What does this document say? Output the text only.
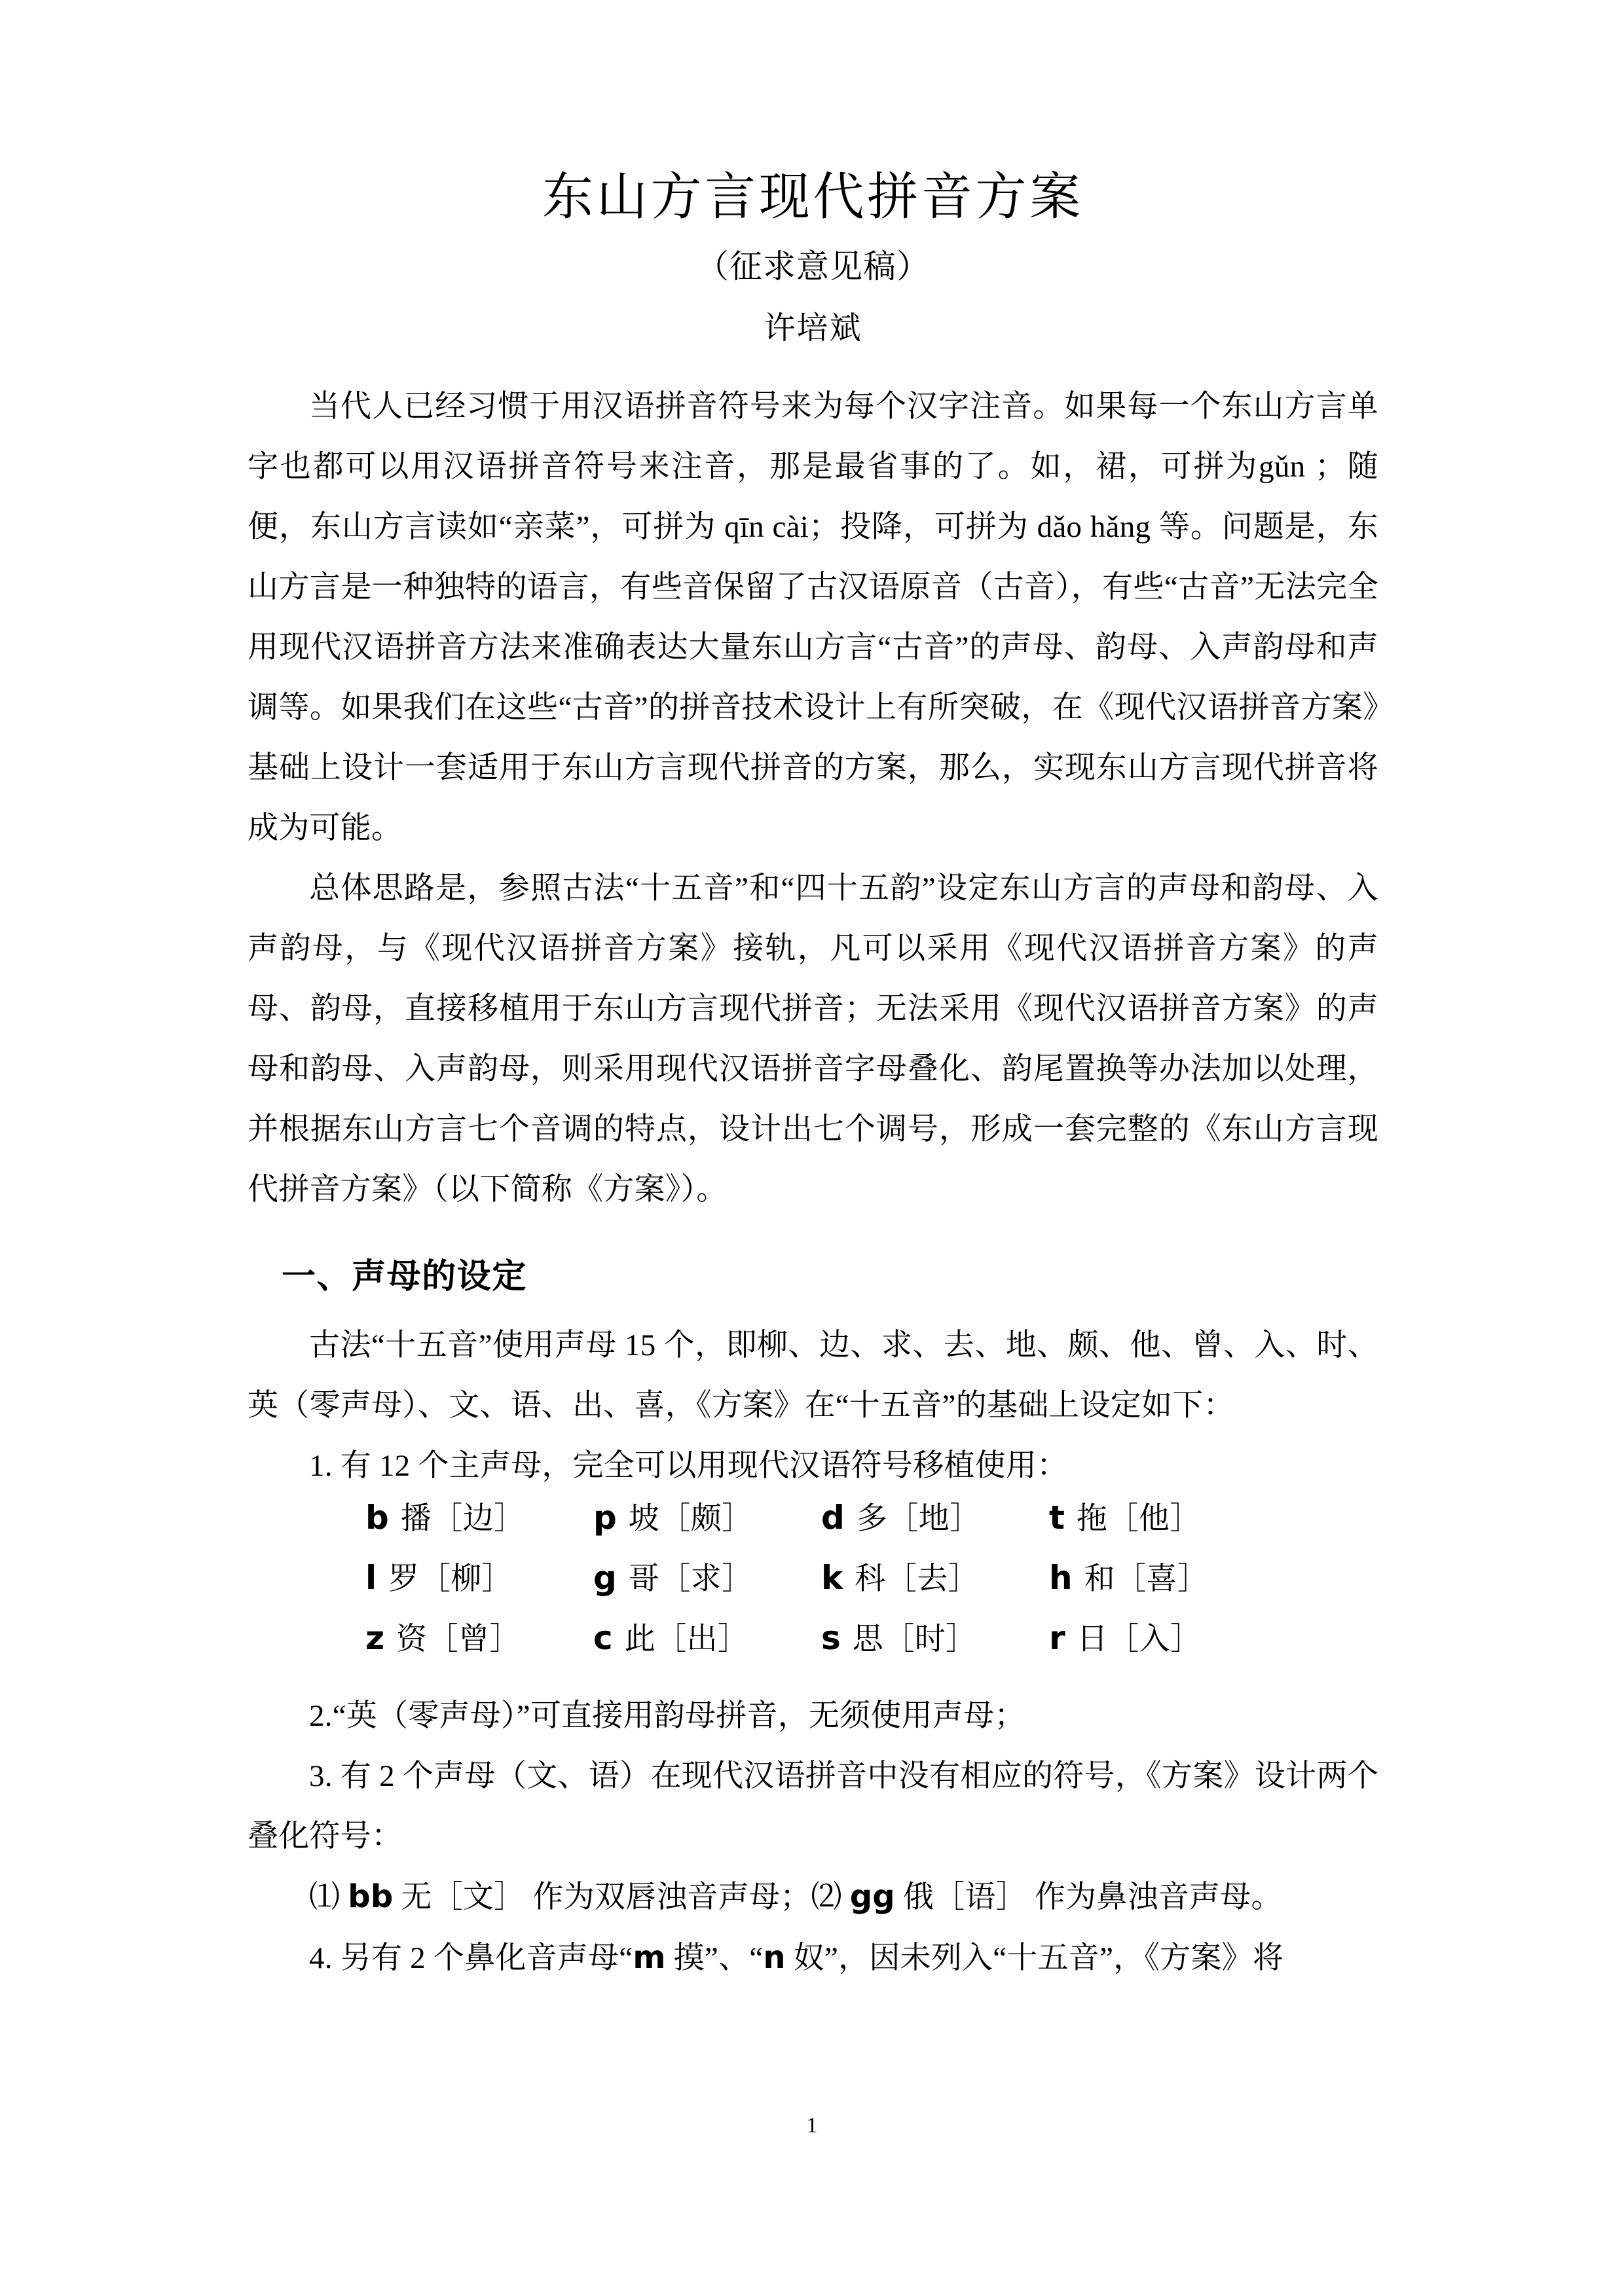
东山方言现代拼音方案
（征求意见稿）
许培斌

当代人已经习惯于用汉语拼音符号来为每个汉字注音。如果每一个东山方言单字也都可以用汉语拼音符号来注音，那是最省事的了。如，裙，可拼为gǔn ；随便，东山方言读如“亲菜”，可拼为 qīn cài；投降，可拼为 dǎo hǎng 等。问题是，东山方言是一种独特的语言，有些音保留了古汉语原音（古音），有些“古音”无法完全用现代汉语拼音方法来准确表达大量东山方言“古音”的声母、韵母、入声韵母和声调等。如果我们在这些“古音”的拼音技术设计上有所突破，在《现代汉语拼音方案》基础上设计一套适用于东山方言现代拼音的方案，那么，实现东山方言现代拼音将成为可能。

总体思路是，参照古法“十五音”和“四十五韵”设定东山方言的声母和韵母、入声韵母，与《现代汉语拼音方案》接轨，凡可以采用《现代汉语拼音方案》的声母、韵母，直接移植用于东山方言现代拼音；无法采用《现代汉语拼音方案》的声母和韵母、入声韵母，则采用现代汉语拼音字母叠化、韵尾置换等办法加以处理，并根据东山方言七个音调的特点，设计出七个调号，形成一套完整的《东山方言现代拼音方案》（以下简称《方案》）。

一、声母的设定

古法“十五音”使用声母 15 个，即柳、边、求、去、地、颇、他、曾、入、时、英（零声母）、文、语、出、喜，《方案》在“十五音”的基础上设定如下：

1. 有 12 个主声母，完全可以用现代汉语符号移植使用：

b 播［边］ p 坡［颇］ d 多［地］ t 拖［他］
l 罗［柳］ g 哥［求］ k 科［去］ h 和［喜］
z 资［曾］ c 此［出］ s 思［时］ r 日［入］

2.“英（零声母）”可直接用韵母拼音，无须使用声母；

3. 有 2 个声母（文、语）在现代汉语拼音中没有相应的符号，《方案》设计两个叠化符号：

⑴ bb 无［文］ 作为双唇浊音声母；⑵ gg 俄［语］ 作为鼻浊音声母。

4. 另有 2 个鼻化音声母“m 摸”、“n 奴”，因未列入“十五音”，《方案》将

1
